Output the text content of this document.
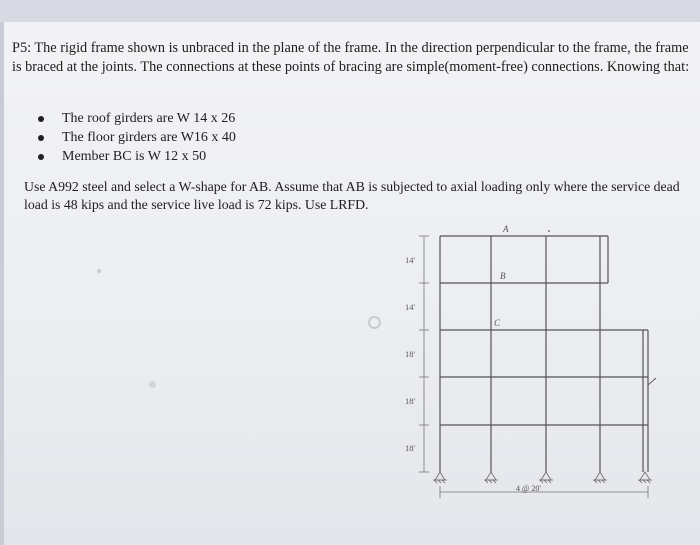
P5: The rigid frame shown is unbraced in the plane of the frame. In the direction perpendicular to the frame, the frame is braced at the joints. The connections at these points of bracing are simple(moment-free) connections. Knowing that:
The roof girders are W 14 x 26
The floor girders are W16 x 40
Member BC is W 12 x 50
Use A992 steel and select a W-shape for AB. Assume that AB is subjected to axial loading only where the service dead load is 48 kips and the service live load is 72 kips. Use LRFD.
A
B
C
14'
14'
18'
18'
18'
4 @ 20'
